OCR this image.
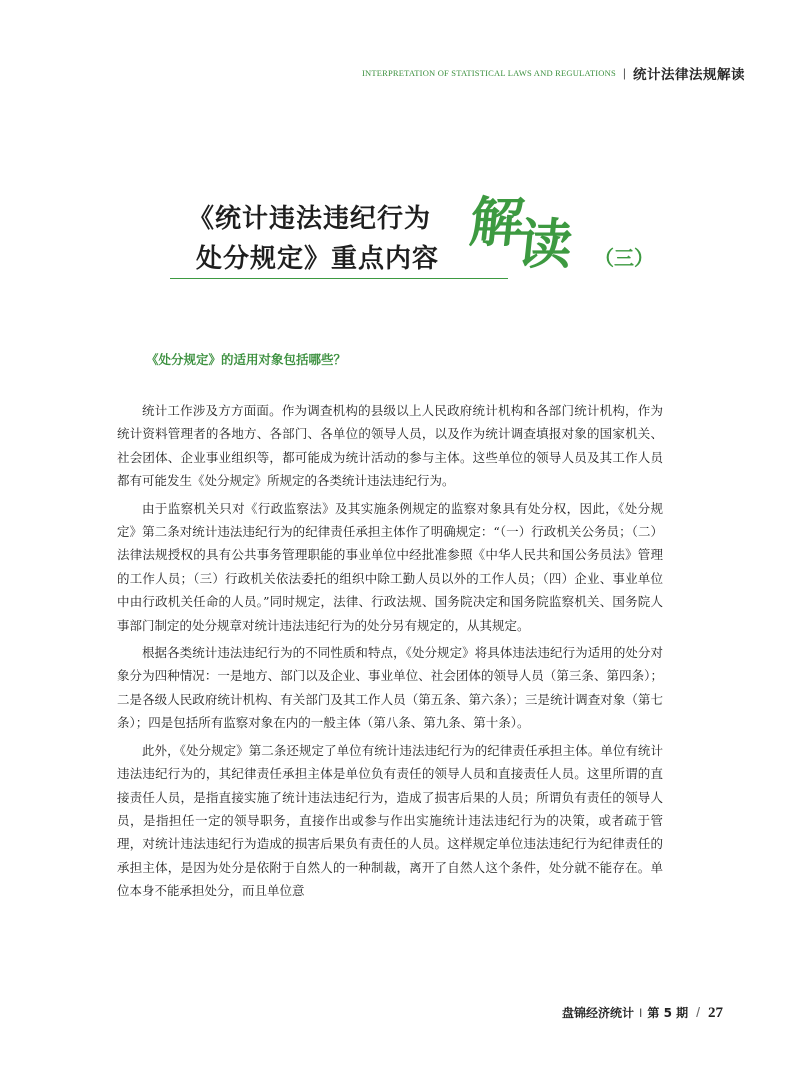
INTERPRETATION OF STATISTICAL LAWS AND REGULATIONS | 统计法律法规解读
《统计违法违纪行为
处分规定》重点内容
解
读 （三）
《处分规定》的适用对象包括哪些？

统计工作涉及方方面面。作为调查机构的县级以上人民政府统计机构和各部门统计机构，作为统计资料管理者的各地方、各部门、各单位的领导人员，以及作为统计调查填报对象的国家机关、社会团体、企业事业组织等，都可能成为统计活动的参与主体。这些单位的领导人员及其工作人员都有可能发生《处分规定》所规定的各类统计违法违纪行为。

由于监察机关只对《行政监察法》及其实施条例规定的监察对象具有处分权，因此，《处分规定》第二条对统计违法违纪行为的纪律责任承担主体作了明确规定：“（一）行政机关公务员；（二）法律法规授权的具有公共事务管理职能的事业单位中经批准参照《中华人民共和国公务员法》管理的工作人员；（三）行政机关依法委托的组织中除工勤人员以外的工作人员；（四）企业、事业单位中由行政机关任命的人员。”同时规定，法律、行政法规、国务院决定和国务院监察机关、国务院人事部门制定的处分规章对统计违法违纪行为的处分另有规定的，从其规定。

根据各类统计违法违纪行为的不同性质和特点，《处分规定》将具体违法违纪行为适用的处分对象分为四种情况：一是地方、部门以及企业、事业单位、社会团体的领导人员（第三条、第四条）；二是各级人民政府统计机构、有关部门及其工作人员（第五条、第六条）；三是统计调查对象（第七条）；四是包括所有监察对象在内的一般主体（第八条、第九条、第十条）。

此外，《处分规定》第二条还规定了单位有统计违法违纪行为的纪律责任承担主体。单位有统计违法违纪行为的，其纪律责任承担主体是单位负有责任的领导人员和直接责任人员。这里所谓的直接责任人员，是指直接实施了统计违法违纪行为，造成了损害后果的人员；所谓负有责任的领导人员，是指担任一定的领导职务，直接作出或参与作出实施统计违法违纪行为的决策，或者疏于管理，对统计违法违纪行为造成的损害后果负有责任的人员。这样规定单位违法违纪行为纪律责任的承担主体，是因为处分是依附于自然人的一种制裁，离开了自然人这个条件，处分就不能存在。单位本身不能承担处分，而且单位意

盘锦经济统计 I 第 5 期 / 27
